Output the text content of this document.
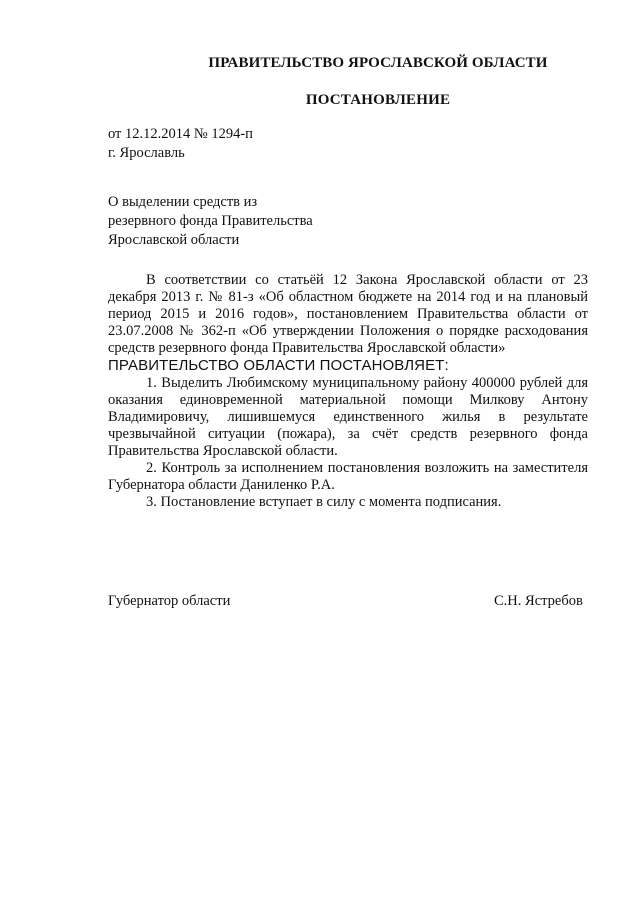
ПРАВИТЕЛЬСТВО ЯРОСЛАВСКОЙ ОБЛАСТИ
ПОСТАНОВЛЕНИЕ
от 12.12.2014 № 1294-п
г. Ярославль
О выделении средств из
резервного фонда Правительства
Ярославской области

В соответствии со статьёй 12 Закона Ярославской области от 23 декабря 2013 г. № 81-з «Об областном бюджете на 2014 год и на плановый период 2015 и 2016 годов», постановлением Правительства области от 23.07.2008 № 362-п «Об утверждении Положения о порядке расходования средств резервного фонда Правительства Ярославской области»

ПРАВИТЕЛЬСТВО ОБЛАСТИ ПОСТАНОВЛЯЕТ:

1. Выделить Любимскому муниципальному району 400000 рублей для оказания единовременной материальной помощи Милкову Антону Владимировичу, лишившемуся единственного жилья в результате чрезвычайной ситуации (пожара), за счёт средств резервного фонда Правительства Ярославской области.

2. Контроль за исполнением постановления возложить на заместителя Губернатора области Даниленко Р.А.

3. Постановление вступает в силу с момента подписания.

Губернатор области	С.Н. Ястребов
